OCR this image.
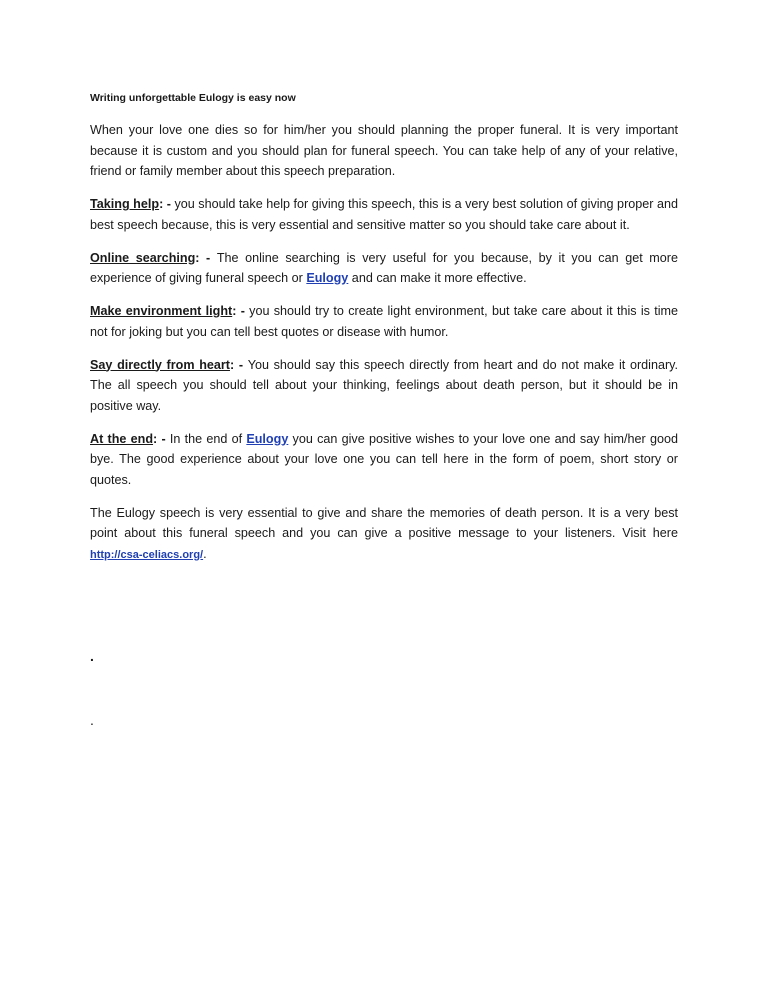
Writing unforgettable Eulogy is easy now

When your love one dies so for him/her you should planning the proper funeral. It is very important because it is custom and you should plan for funeral speech. You can take help of any of your relative, friend or family member about this speech preparation.

Taking help: - you should take help for giving this speech, this is a very best solution of giving proper and best speech because, this is very essential and sensitive matter so you should take care about it.

Online searching: - The online searching is very useful for you because, by it you can get more experience of giving funeral speech or Eulogy and can make it more effective.

Make environment light: - you should try to create light environment, but take care about it this is time not for joking but you can tell best quotes or disease with humor.

Say directly from heart: - You should say this speech directly from heart and do not make it ordinary. The all speech you should tell about your thinking, feelings about death person, but it should be in positive way.

At the end: - In the end of Eulogy you can give positive wishes to your love one and say him/her good bye. The good experience about your love one you can tell here in the form of poem, short story or quotes.

The Eulogy speech is very essential to give and share the memories of death person. It is a very best point about this funeral speech and you can give a positive message to your listeners. Visit here http://csa-celiacs.org/.

.
.
